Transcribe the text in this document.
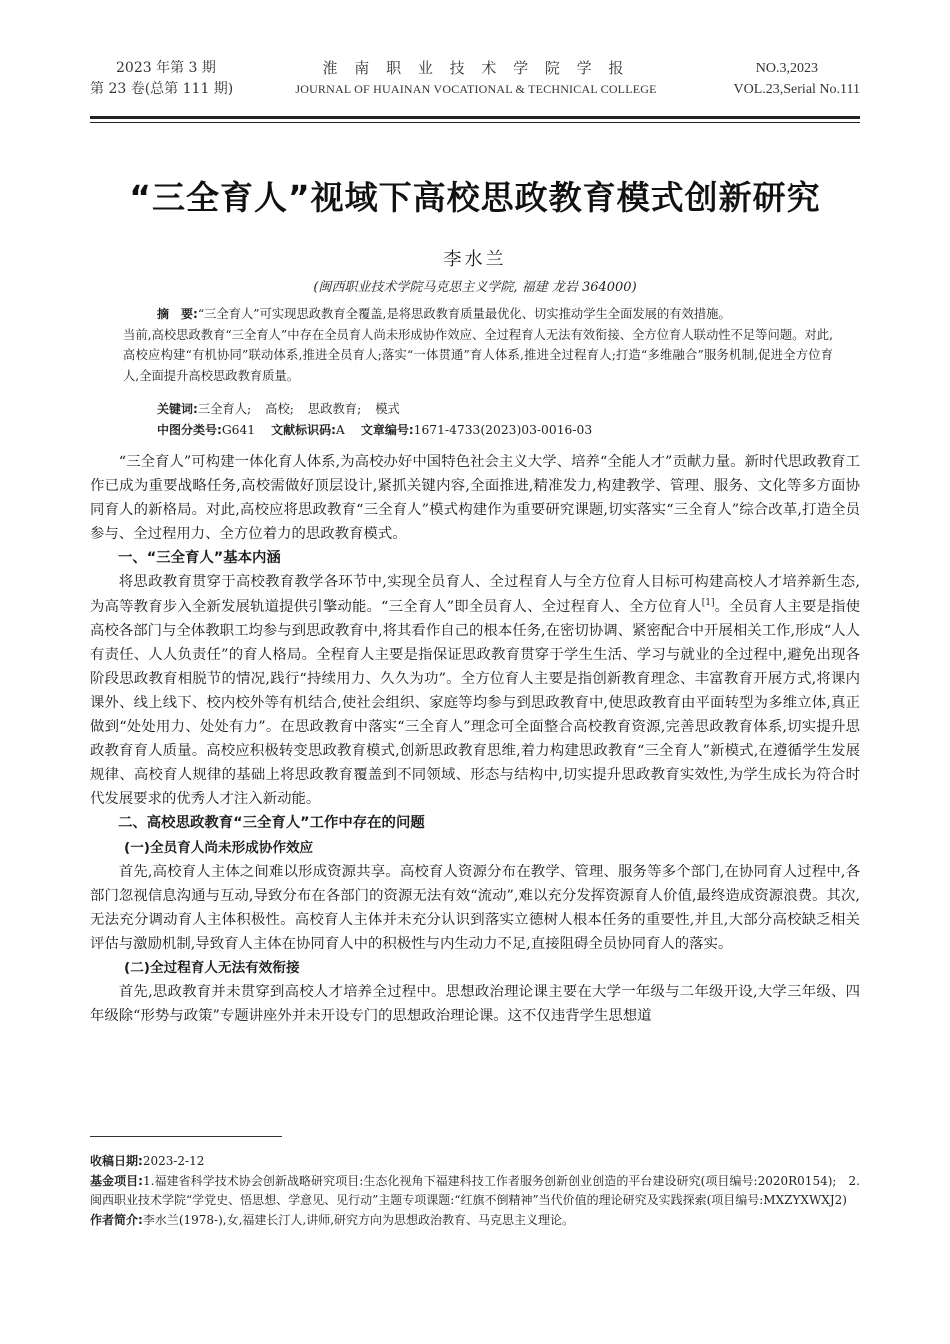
2023 年第 3 期
第 23 卷(总第 111 期)
淮 南 职 业 技 术 学 院 学 报
JOURNAL OF HUAINAN VOCATIONAL & TECHNICAL COLLEGE
NO.3,2023
VOL.23,Serial No.111
“三全育人”视域下高校思政教育模式创新研究
李水兰
(闽西职业技术学院马克思主义学院, 福建 龙岩 364000)
摘　要:“三全育人”可实现思政教育全覆盖,是将思政教育质量最优化、切实推动学生全面发展的有效措施。
当前,高校思政教育“三全育人”中存在全员育人尚未形成协作效应、全过程育人无法有效衔接、全方位育人联动性不足等问题。对此,高校应构建“有机协同”联动体系,推进全员育人;落实“一体贯通”育人体系,推进全过程育人;打造“多维融合”服务机制,促进全方位育人,全面提升高校思政教育质量。
关键词:三全育人; 高校; 思政教育; 模式
中图分类号:G641 文献标识码:A 文章编号:1671-4733(2023)03-0016-03

“三全育人”可构建一体化育人体系,为高校办好中国特色社会主义大学、培养“全能人才”贡献力量。新时代思政教育工作已成为重要战略任务,高校需做好顶层设计,紧抓关键内容,全面推进,精准发力,构建教学、管理、服务、文化等多方面协同育人的新格局。对此,高校应将思政教育“三全育人”模式构建作为重要研究课题,切实落实“三全育人”综合改革,打造全员参与、全过程用力、全方位着力的思政教育模式。

一、“三全育人”基本内涵

将思政教育贯穿于高校教育教学各环节中,实现全员育人、全过程育人与全方位育人目标可构建高校人才培养新生态,为高等教育步入全新发展轨道提供引擎动能。“三全育人”即全员育人、全过程育人、全方位育人[1]。全员育人主要是指使高校各部门与全体教职工均参与到思政教育中,将其看作自己的根本任务,在密切协调、紧密配合中开展相关工作,形成“人人有责任、人人负责任”的育人格局。全程育人主要是指保证思政教育贯穿于学生生活、学习与就业的全过程中,避免出现各阶段思政教育相脱节的情况,践行“持续用力、久久为功”。全方位育人主要是指创新教育理念、丰富教育开展方式,将课内课外、线上线下、校内校外等有机结合,使社会组织、家庭等均参与到思政教育中,使思政教育由平面转型为多维立体,真正做到“处处用力、处处有力”。在思政教育中落实“三全育人”理念可全面整合高校教育资源,完善思政教育体系,切实提升思政教育育人质量。高校应积极转变思政教育模式,创新思政教育思维,着力构建思政教育“三全育人”新模式,在遵循学生发展规律、高校育人规律的基础上将思政教育覆盖到不同领域、形态与结构中,切实提升思政教育实效性,为学生成长为符合时代发展要求的优秀人才注入新动能。

二、高校思政教育“三全育人”工作中存在的问题
(一)全员育人尚未形成协作效应

首先,高校育人主体之间难以形成资源共享。高校育人资源分布在教学、管理、服务等多个部门,在协同育人过程中,各部门忽视信息沟通与互动,导致分布在各部门的资源无法有效“流动”,难以充分发挥资源育人价值,最终造成资源浪费。其次,无法充分调动育人主体积极性。高校育人主体并未充分认识到落实立德树人根本任务的重要性,并且,大部分高校缺乏相关评估与激励机制,导致育人主体在协同育人中的积极性与内生动力不足,直接阻碍全员协同育人的落实。

(二)全过程育人无法有效衔接

首先,思政教育并未贯穿到高校人才培养全过程中。思想政治理论课主要在大学一年级与二年级开设,大学三年级、四年级除“形势与政策”专题讲座外并未开设专门的思想政治理论课。这不仅违背学生思想道

收稿日期:2023-2-12
基金项目:1.福建省科学技术协会创新战略研究项目:生态化视角下福建科技工作者服务创新创业创造的平台建设研究(项目编号:2020R0154);　2.闽西职业技术学院“学党史、悟思想、学意见、见行动”主题专项课题:“红旗不倒精神”当代价值的理论研究及实践探索(项目编号:MXZYXWXJ2)
作者简介:李水兰(1978-),女,福建长汀人,讲师,研究方向为思想政治教育、马克思主义理论。
